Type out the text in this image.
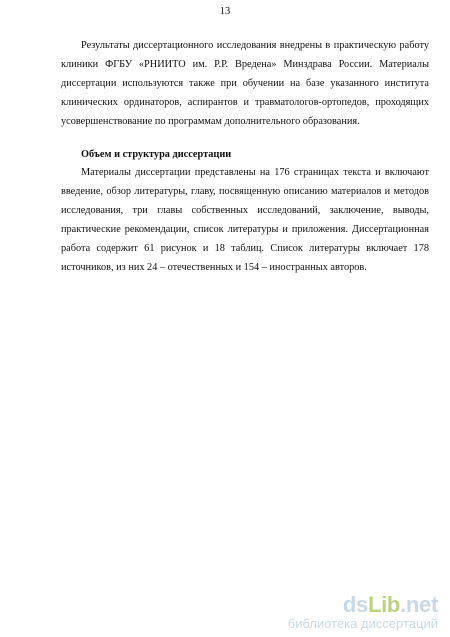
13

Результаты диссертационного исследования внедрены в практическую работу клиники ФГБУ «РНИИТО им. Р.Р. Вредена» Минздрава России. Материалы диссертации используются также при обучении на базе указанного института клинических ординаторов, аспирантов и травматологов-ортопедов, проходящих усовершенствование по программам дополнительного образования.

Объем и структура диссертации

Материалы диссертации представлены на 176 страницах текста и включают введение, обзор литературы, главу, посвященную описанию материалов и методов исследования, три главы собственных исследований, заключение, выводы, практические рекомендации, список литературы и приложения. Диссертационная работа содержит 61 рисунок и 18 таблиц. Список литературы включает 178 источников, из них 24 – отечественных и 154 – иностранных авторов.

dsLib.net
библиотека диссертаций
